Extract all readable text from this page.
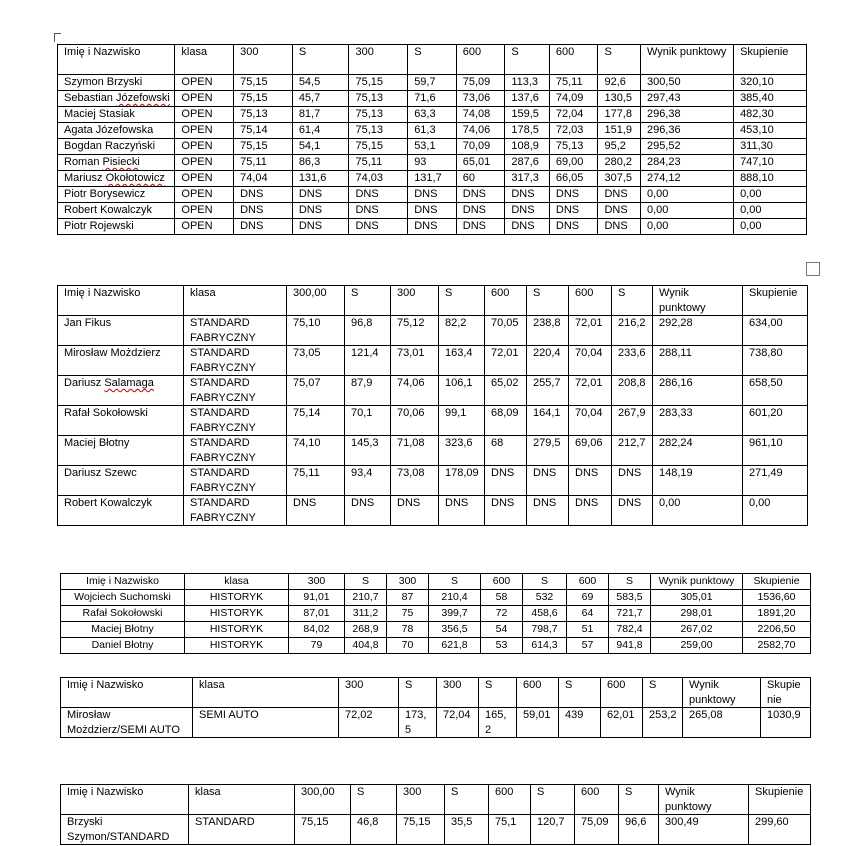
Imię i Nazwisko	klasa	300	S	300	S	600	S	600	S	Wynik punktowy	Skupienie
Szymon Brzyski	OPEN	75,15	54,5	75,15	59,7	75,09	113,3	75,11	92,6	300,50	320,10
Sebastian Józefowski	OPEN	75,15	45,7	75,13	71,6	73,06	137,6	74,09	130,5	297,43	385,40
Maciej Stasiak	OPEN	75,13	81,7	75,13	63,3	74,08	159,5	72,04	177,8	296,38	482,30
Agata Józefowska	OPEN	75,14	61,4	75,13	61,3	74,06	178,5	72,03	151,9	296,36	453,10
Bogdan Raczyński	OPEN	75,15	54,1	75,15	53,1	70,09	108,9	75,13	95,2	295,52	311,30
Roman Pisiecki	OPEN	75,11	86,3	75,11	93	65,01	287,6	69,00	280,2	284,23	747,10
Mariusz Okołotowicz	OPEN	74,04	131,6	74,03	131,7	60	317,3	66,05	307,5	274,12	888,10
Piotr Borysewicz	OPEN	DNS	DNS	DNS	DNS	DNS	DNS	DNS	DNS	0,00	0,00
Robert Kowalczyk	OPEN	DNS	DNS	DNS	DNS	DNS	DNS	DNS	DNS	0,00	0,00
Piotr Rojewski	OPEN	DNS	DNS	DNS	DNS	DNS	DNS	DNS	DNS	0,00	0,00
Imię i Nazwisko	klasa	300,00	S	300	S	600	S	600	S	Wynik punktowy	Skupienie
Jan Fikus	STANDARD FABRYCZNY	75,10	96,8	75,12	82,2	70,05	238,8	72,01	216,2	292,28	634,00
Mirosław Możdzierz	STANDARD FABRYCZNY	73,05	121,4	73,01	163,4	72,01	220,4	70,04	233,6	288,11	738,80
Dariusz Salamaga	STANDARD FABRYCZNY	75,07	87,9	74,06	106,1	65,02	255,7	72,01	208,8	286,16	658,50
Rafał Sokołowski	STANDARD FABRYCZNY	75,14	70,1	70,06	99,1	68,09	164,1	70,04	267,9	283,33	601,20
Maciej Błotny	STANDARD FABRYCZNY	74,10	145,3	71,08	323,6	68	279,5	69,06	212,7	282,24	961,10
Dariusz Szewc	STANDARD FABRYCZNY	75,11	93,4	73,08	178,09	DNS	DNS	DNS	DNS	148,19	271,49
Robert Kowalczyk	STANDARD FABRYCZNY	DNS	DNS	DNS	DNS	DNS	DNS	DNS	DNS	0,00	0,00
Imię i Nazwisko	klasa	300	S	300	S	600	S	600	S	Wynik punktowy	Skupienie
Wojciech Suchomski	HISTORYK	91,01	210,7	87	210,4	58	532	69	583,5	305,01	1536,60
Rafał Sokołowski	HISTORYK	87,01	311,2	75	399,7	72	458,6	64	721,7	298,01	1891,20
Maciej Błotny	HISTORYK	84,02	268,9	78	356,5	54	798,7	51	782,4	267,02	2206,50
Daniel Błotny	HISTORYK	79	404,8	70	621,8	53	614,3	57	941,8	259,00	2582,70
Imię i Nazwisko	klasa	300	S	300	S	600	S	600	S	Wynik punktowy	Skupienie
Mirosław Możdzierz/SEMI AUTO	SEMI AUTO	72,02	173,5	72,04	165,2	59,01	439	62,01	253,2	265,08	1030,9
Imię i Nazwisko	klasa	300,00	S	300	S	600	S	600	S	Wynik punktowy	Skupienie
Brzyski Szymon/STANDARD	STANDARD	75,15	46,8	75,15	35,5	75,1	120,7	75,09	96,6	300,49	299,60
